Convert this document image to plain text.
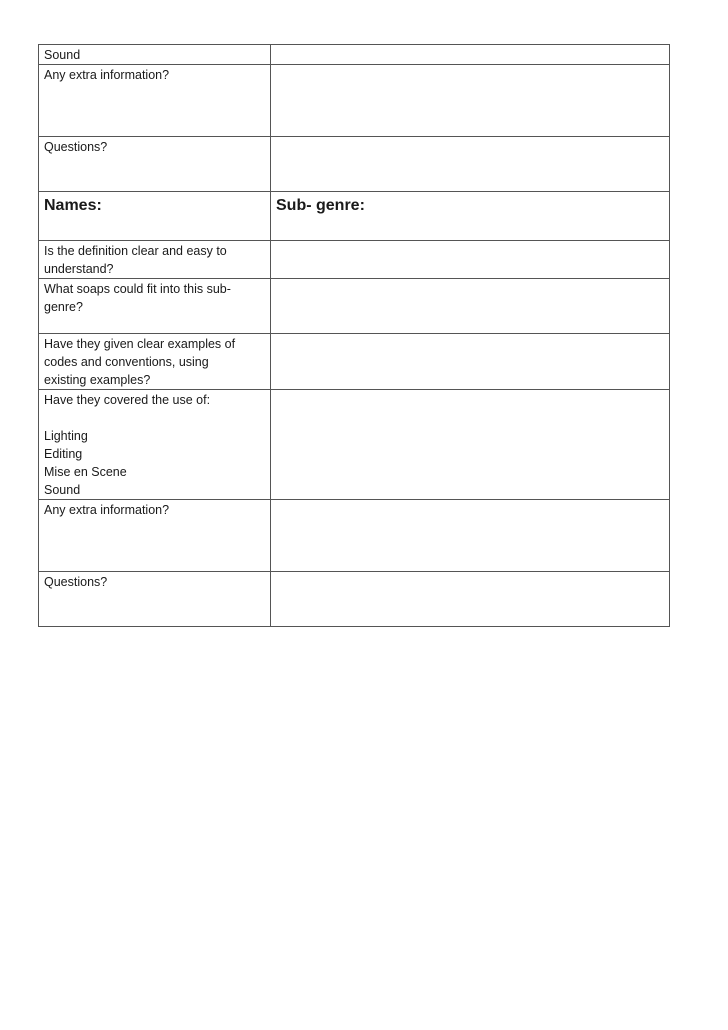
Sound	

Any extra information?	

Questions?	

Names:	Sub- genre:

Is the definition clear and easy to
understand?	

What soaps could fit into this sub-
genre?	

Have they given clear examples of
codes and conventions, using
existing examples?	

Have they covered the use of:

Lighting
Editing
Mise en Scene
Sound	

Any extra information?	

Questions?	
